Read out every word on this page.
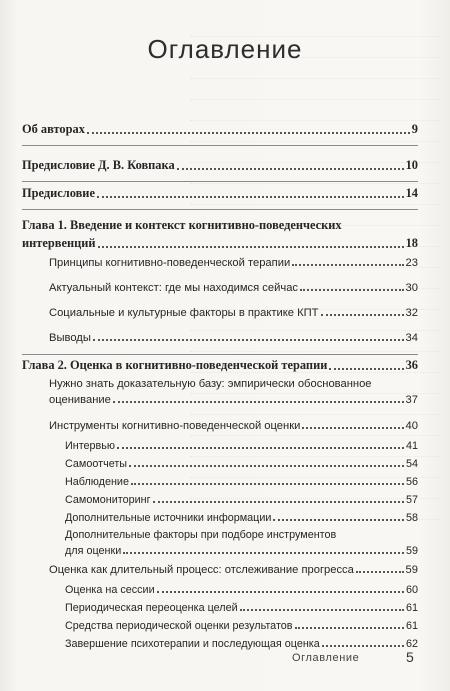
Оглавление
Об авторах	9
Предисловие Д. В. Ковпака	10
Предисловие	14
Глава 1. Введение и контекст когнитивно-поведенческих
интервенций	18
Принципы когнитивно-поведенческой терапии	23
Актуальный контекст: где мы находимся сейчас	30
Социальные и культурные факторы в практике КПТ	32
Выводы	34
Глава 2. Оценка в когнитивно-поведенческой терапии	36
Нужно знать доказательную базу: эмпирически обоснованное
оценивание	37
Инструменты когнитивно-поведенческой оценки	40
Интервью	41
Самоотчеты	54
Наблюдение	56
Самомониторинг	57
Дополнительные источники информации	58
Дополнительные факторы при подборе инструментов
для оценки	59
Оценка как длительный процесс: отслеживание прогресса	59
Оценка на сессии	60
Периодическая переоценка целей	61
Средства периодической оценки результатов	61
Завершение психотерапии и последующая оценка	62
Оглавление	5
